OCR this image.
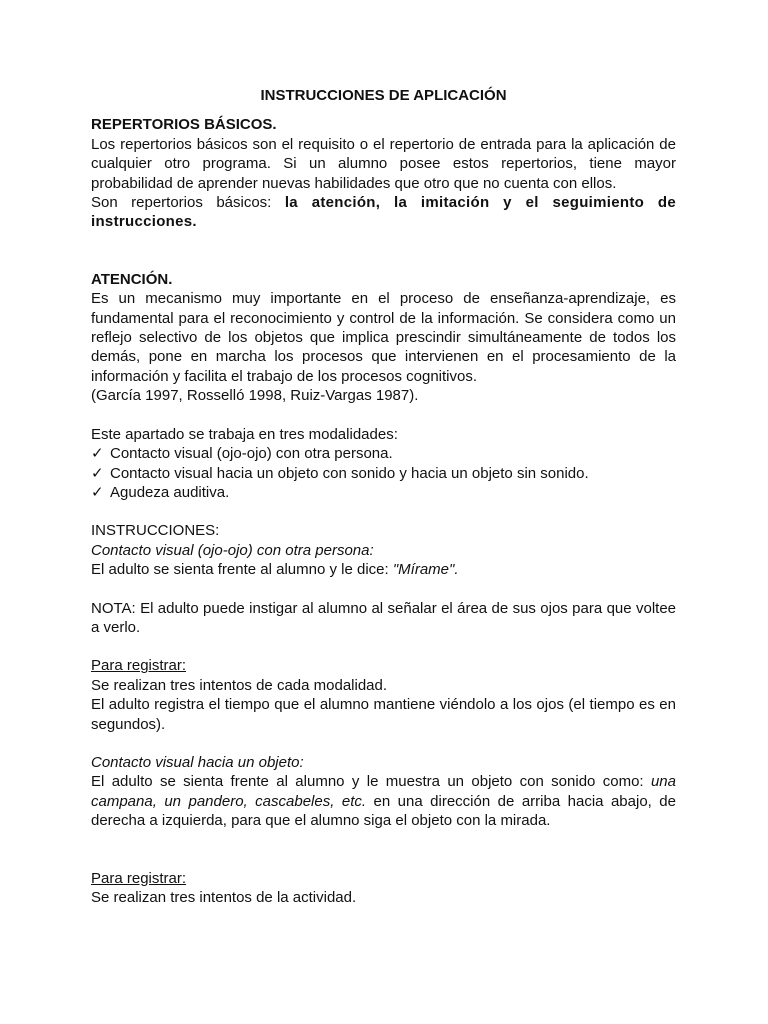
INSTRUCCIONES DE APLICACIÓN

REPERTORIOS BÁSICOS.

Los repertorios básicos son el requisito o el repertorio de entrada para la aplicación de cualquier otro programa. Si un alumno posee estos repertorios, tiene mayor probabilidad de aprender nuevas habilidades que otro que no cuenta con ellos.

Son repertorios básicos: la atención, la imitación y el seguimiento de instrucciones.

ATENCIÓN.

Es un mecanismo muy importante en el proceso de enseñanza-aprendizaje, es fundamental para el reconocimiento y control de la información. Se considera como un reflejo selectivo de los objetos que implica prescindir simultáneamente de todos los demás, pone en marcha los procesos que intervienen en el procesamiento de la información y facilita el trabajo de los procesos cognitivos.

(García 1997, Rosselló 1998, Ruiz-Vargas 1987).

Este apartado se trabaja en tres modalidades:

✓ Contacto visual (ojo-ojo) con otra persona.
✓ Contacto visual hacia un objeto con sonido y hacia un objeto sin sonido.
✓ Agudeza auditiva.

INSTRUCCIONES:

Contacto visual (ojo-ojo) con otra persona:

El adulto se sienta frente al alumno y le dice: "Mírame".

NOTA: El adulto puede instigar al alumno al señalar el área de sus ojos para que voltee a verlo.

Para registrar:

Se realizan tres intentos de cada modalidad.

El adulto registra el tiempo que el alumno mantiene viéndolo a los ojos (el tiempo es en segundos).

Contacto visual hacia un objeto:

El adulto se sienta frente al alumno y le muestra un objeto con sonido como: una campana, un pandero, cascabeles, etc. en una dirección de arriba hacia abajo, de derecha a izquierda, para que el alumno siga el objeto con la mirada.

Para registrar:

Se realizan tres intentos de la actividad.
